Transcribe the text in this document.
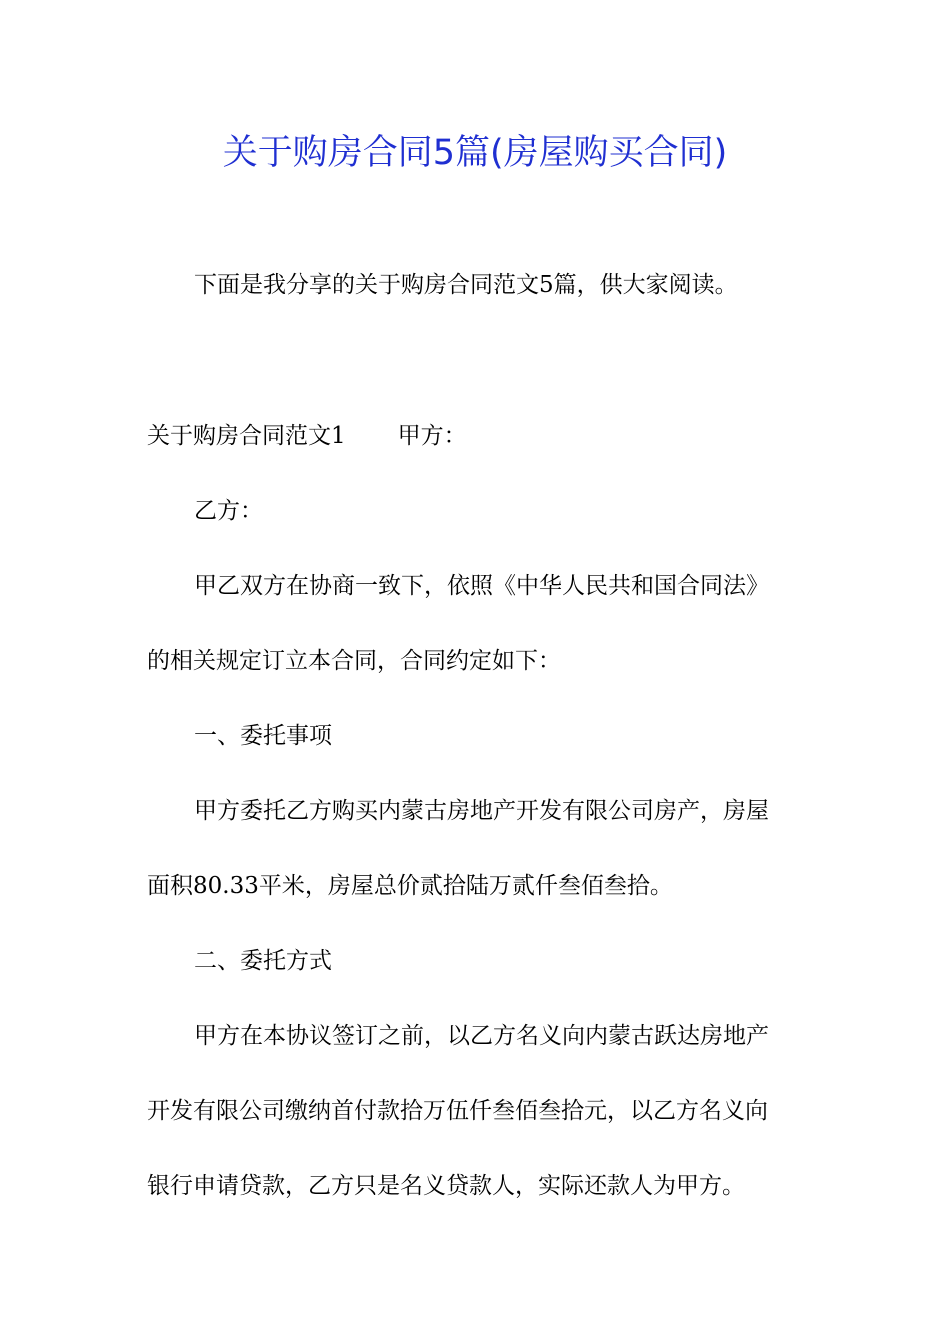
关于购房合同5篇(房屋购买合同)

下面是我分享的关于购房合同范文5篇，供大家阅读。

关于购房合同范文1 甲方：

乙方：

甲乙双方在协商一致下，依照《中华人民共和国合同法》

的相关规定订立本合同，合同约定如下：

一、委托事项

甲方委托乙方购买内蒙古房地产开发有限公司房产，房屋

面积80.33平米，房屋总价贰拾陆万贰仟叁佰叁拾。

二、委托方式

甲方在本协议签订之前，以乙方名义向内蒙古跃达房地产

开发有限公司缴纳首付款拾万伍仟叁佰叁拾元，以乙方名义向

银行申请贷款，乙方只是名义贷款人，实际还款人为甲方。
